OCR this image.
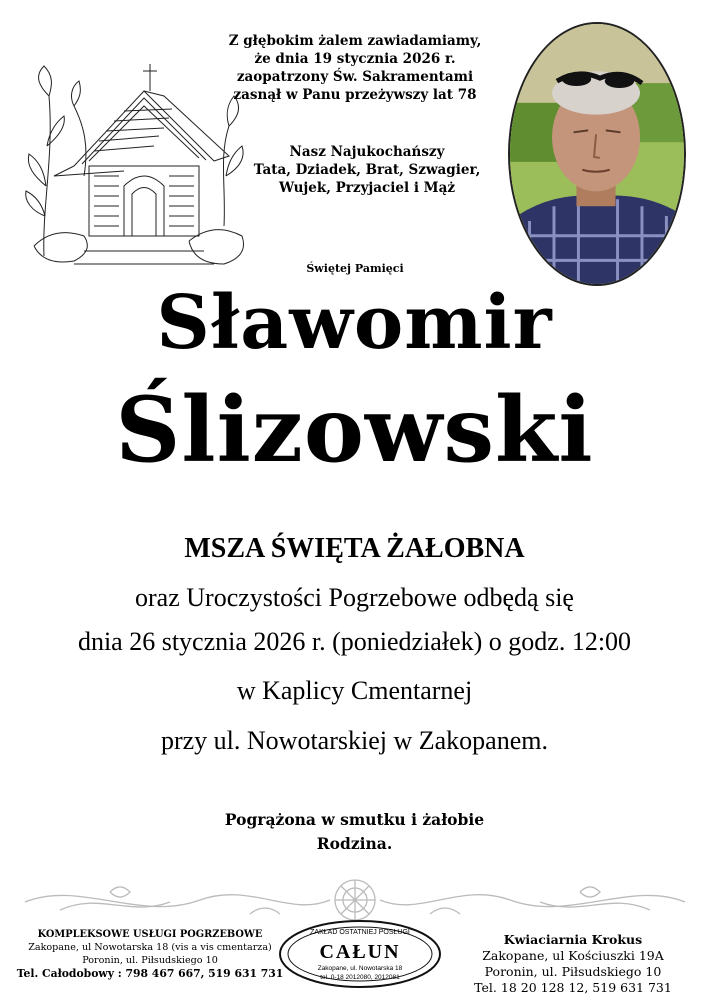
Z głębokim żalem zawiadamiamy,
że dnia 19 stycznia 2026 r.
zaopatrzony Św. Sakramentami
zasnął w Panu przeżywszy lat 78
Nasz Najukochańszy
Tata, Dziadek, Brat, Szwagier,
Wujek, Przyjaciel i Mąż
Świętej Pamięci
Sławomir
Ślizowski
MSZA ŚWIĘTA ŻAŁOBNA
oraz Uroczystości Pogrzebowe odbędą się
dnia 26 stycznia 2026 r. (poniedziałek) o godz. 12:00
w Kaplicy Cmentarnej
przy ul. Nowotarskiej w Zakopanem.
Pogrążona w smutku i żałobie
Rodzina.
KOMPLEKSOWE USŁUGI POGRZEBOWE
Zakopane, ul Nowotarska 18 (vis a vis cmentarza)
Poronin, ul. Piłsudskiego 10
Tel. Całodobowy : 798 467 667, 519 631 731
ZAKŁAD OSTATNIEJ POSŁUGI
CAŁUN
Zakopane, ul. Nowotarska 18
tel. 0-18 2012080, 2012081
Kwiaciarnia Krokus
Zakopane, ul Kościuszki 19A
Poronin, ul. Piłsudskiego 10
Tel. 18 20 128 12, 519 631 731
